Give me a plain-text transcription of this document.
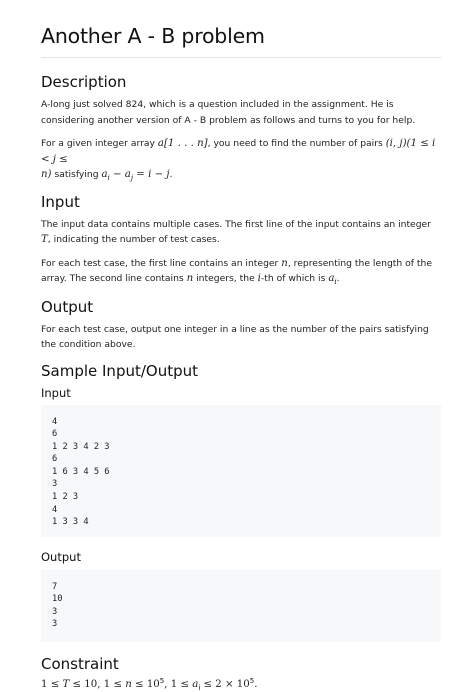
Another A - B problem
Description

A-long just solved 824, which is a question included in the assignment. He is considering another version of A - B problem as follows and turns to you for help.

For a given integer array a[1 . . . n], you need to find the number of pairs (i, j)(1 ≤ i < j ≤
n) satisfying $a_i - a_j = i - j$.

Input

The input data contains multiple cases. The first line of the input contains an integer T, indicating the number of test cases.

For each test case, the first line contains an integer n, representing the length of the array. The second line contains n integers, the i-th of which is $a_i$.

Output

For each test case, output one integer in a line as the number of the pairs satisfying the condition above.

Sample Input/Output
Input
4
6
1 2 3 4 2 3
6
1 6 3 4 5 6
3
1 2 3
4
1 3 3 4
Output
7
10
3
3
Constraint

1 ≤ T ≤ 10, $1 \le n \le 10^5$, $1 \le a_i \le 2 \times 10^5$.
